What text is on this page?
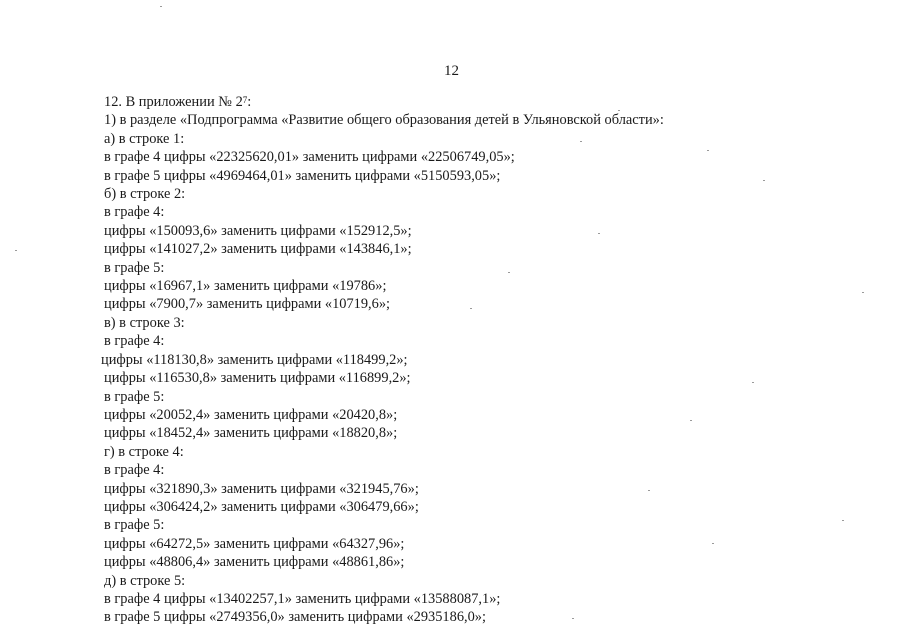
12
12. В приложении № $2^7$:
1) в разделе «Подпрограмма «Развитие общего образования детей в Ульяновской области»:
а) в строке 1:
в графе 4 цифры «22325620,01» заменить цифрами «22506749,05»;
в графе 5 цифры «4969464,01» заменить цифрами «5150593,05»;
б) в строке 2:
в графе 4:
цифры «150093,6» заменить цифрами «152912,5»;
цифры «141027,2» заменить цифрами «143846,1»;
в графе 5:
цифры «16967,1» заменить цифрами «19786»;
цифры «7900,7» заменить цифрами «10719,6»;
в) в строке 3:
в графе 4:
цифры «118130,8» заменить цифрами «118499,2»;
цифры «116530,8» заменить цифрами «116899,2»;
в графе 5:
цифры «20052,4» заменить цифрами «20420,8»;
цифры «18452,4» заменить цифрами «18820,8»;
г) в строке 4:
в графе 4:
цифры «321890,3» заменить цифрами «321945,76»;
цифры «306424,2» заменить цифрами «306479,66»;
в графе 5:
цифры «64272,5» заменить цифрами «64327,96»;
цифры «48806,4» заменить цифрами «48861,86»;
д) в строке 5:
в графе 4 цифры «13402257,1» заменить цифрами «13588087,1»;
в графе 5 цифры «2749356,0» заменить цифрами «2935186,0»;
